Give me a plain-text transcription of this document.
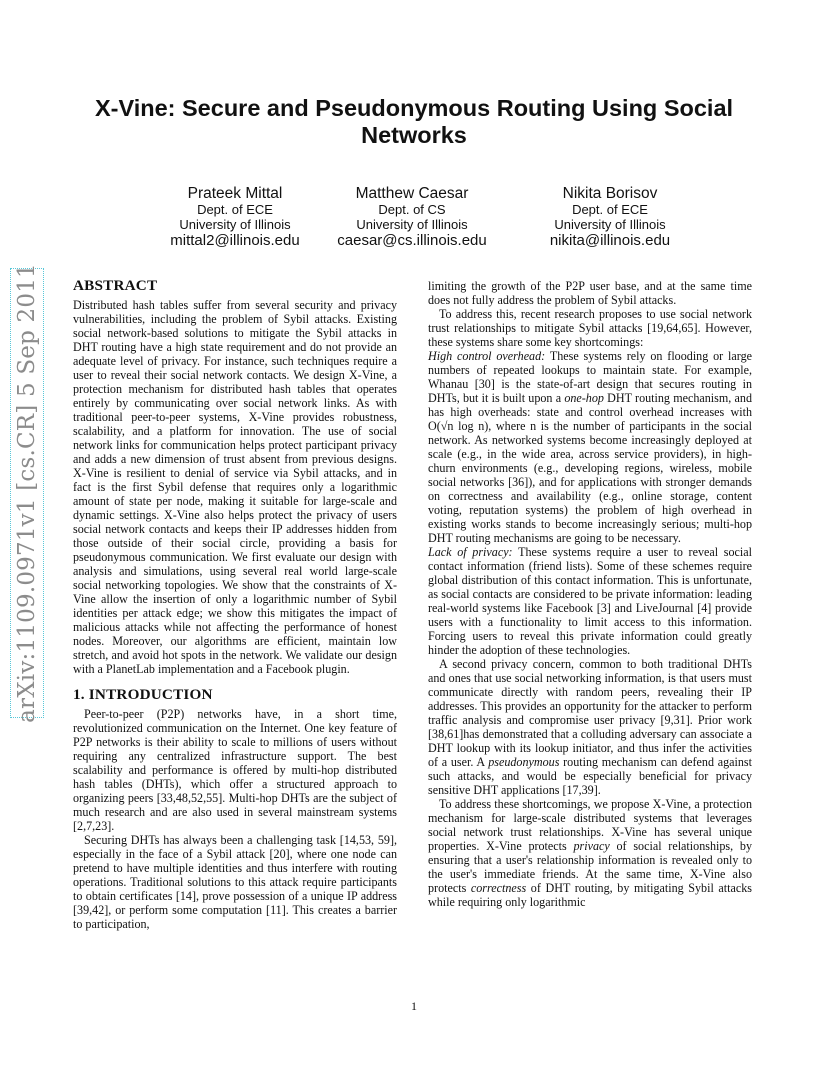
arXiv:1109.0971v1 [cs.CR] 5 Sep 2011
X-Vine: Secure and Pseudonymous Routing Using Social Networks
Prateek Mittal
Dept. of ECE
University of Illinois
mittal2@illinois.edu
Matthew Caesar
Dept. of CS
University of Illinois
caesar@cs.illinois.edu
Nikita Borisov
Dept. of ECE
University of Illinois
nikita@illinois.edu
ABSTRACT

Distributed hash tables suffer from several security and privacy vulnerabilities, including the problem of Sybil attacks. Existing social network-based solutions to mitigate the Sybil attacks in DHT routing have a high state requirement and do not provide an adequate level of privacy. For instance, such techniques require a user to reveal their social network contacts. We design X-Vine, a protection mechanism for distributed hash tables that operates entirely by communicating over social network links. As with traditional peer-to-peer systems, X-Vine provides robustness, scalability, and a platform for innovation. The use of social network links for communication helps protect participant privacy and adds a new dimension of trust absent from previous designs. X-Vine is resilient to denial of service via Sybil attacks, and in fact is the first Sybil defense that requires only a logarithmic amount of state per node, making it suitable for large-scale and dynamic settings. X-Vine also helps protect the privacy of users social network contacts and keeps their IP addresses hidden from those outside of their social circle, providing a basis for pseudonymous communication. We first evaluate our design with analysis and simulations, using several real world large-scale social networking topologies. We show that the constraints of X-Vine allow the insertion of only a logarithmic number of Sybil identities per attack edge; we show this mitigates the impact of malicious attacks while not affecting the performance of honest nodes. Moreover, our algorithms are efficient, maintain low stretch, and avoid hot spots in the network. We validate our design with a PlanetLab implementation and a Facebook plugin.

1. INTRODUCTION

Peer-to-peer (P2P) networks have, in a short time, revolutionized communication on the Internet. One key feature of P2P networks is their ability to scale to millions of users without requiring any centralized infrastructure support. The best scalability and performance is offered by multi-hop distributed hash tables (DHTs), which offer a structured approach to organizing peers [33,48,52,55]. Multi-hop DHTs are the subject of much research and are also used in several mainstream systems [2,7,23].

Securing DHTs has always been a challenging task [14,53, 59], especially in the face of a Sybil attack [20], where one node can pretend to have multiple identities and thus interfere with routing operations. Traditional solutions to this attack require participants to obtain certificates [14], prove possession of a unique IP address [39,42], or perform some computation [11]. This creates a barrier to participation,

limiting the growth of the P2P user base, and at the same time does not fully address the problem of Sybil attacks.

To address this, recent research proposes to use social network trust relationships to mitigate Sybil attacks [19,64,65]. However, these systems share some key shortcomings:

High control overhead: These systems rely on flooding or large numbers of repeated lookups to maintain state. For example, Whanau [30] is the state-of-art design that secures routing in DHTs, but it is built upon a one-hop DHT routing mechanism, and has high overheads: state and control overhead increases with O(√n log n), where n is the number of participants in the social network. As networked systems become increasingly deployed at scale (e.g., in the wide area, across service providers), in high-churn environments (e.g., developing regions, wireless, mobile social networks [36]), and for applications with stronger demands on correctness and availability (e.g., online storage, content voting, reputation systems) the problem of high overhead in existing works stands to become increasingly serious; multi-hop DHT routing mechanisms are going to be necessary.

Lack of privacy: These systems require a user to reveal social contact information (friend lists). Some of these schemes require global distribution of this contact information. This is unfortunate, as social contacts are considered to be private information: leading real-world systems like Facebook [3] and LiveJournal [4] provide users with a functionality to limit access to this information. Forcing users to reveal this private information could greatly hinder the adoption of these technologies.

A second privacy concern, common to both traditional DHTs and ones that use social networking information, is that users must communicate directly with random peers, revealing their IP addresses. This provides an opportunity for the attacker to perform traffic analysis and compromise user privacy [9,31]. Prior work [38,61]has demonstrated that a colluding adversary can associate a DHT lookup with its lookup initiator, and thus infer the activities of a user. A pseudonymous routing mechanism can defend against such attacks, and would be especially beneficial for privacy sensitive DHT applications [17,39].

To address these shortcomings, we propose X-Vine, a protection mechanism for large-scale distributed systems that leverages social network trust relationships. X-Vine has several unique properties. X-Vine protects privacy of social relationships, by ensuring that a user's relationship information is revealed only to the user's immediate friends. At the same time, X-Vine also protects correctness of DHT routing, by mitigating Sybil attacks while requiring only logarithmic

1
